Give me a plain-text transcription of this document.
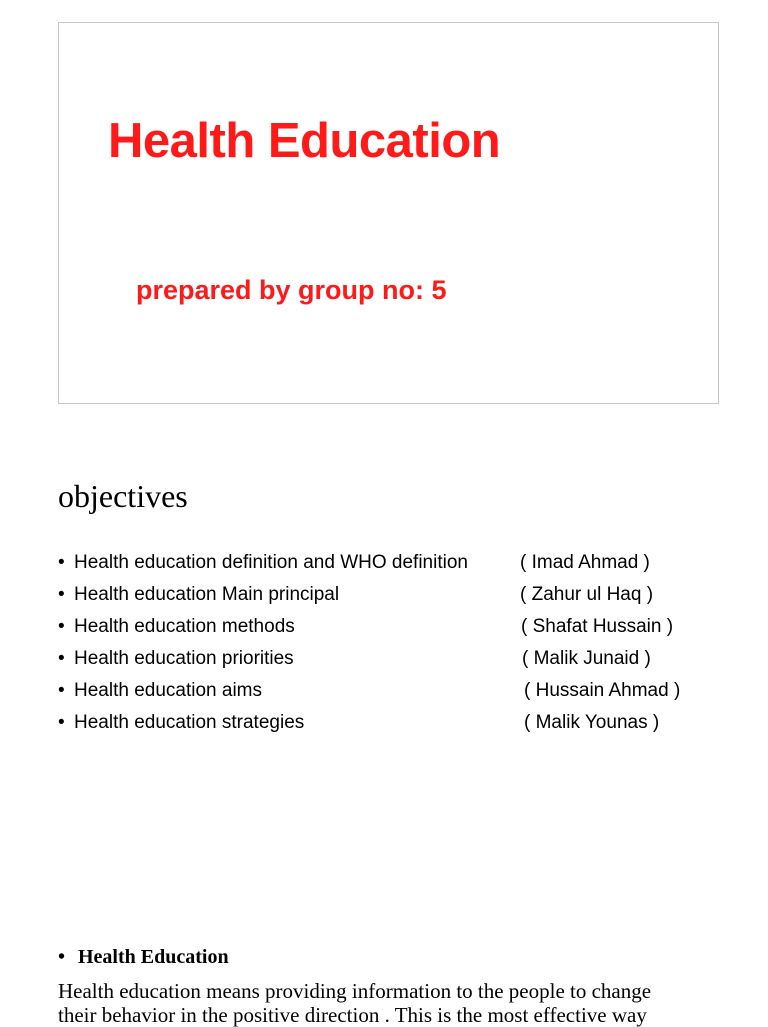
Health Education
prepared by group no: 5
objectives
• Health education definition and WHO definition	( Imad Ahmad )
• Health education Main principal	( Zahur ul Haq )
• Health education methods	( Shafat Hussain )
• Health education priorities	( Malik Junaid )
• Health education aims	( Hussain Ahmad )
• Health education strategies	( Malik Younas )
• Health Education

Health education means providing information to the people to change
their behavior in the positive direction . This is the most effective way
